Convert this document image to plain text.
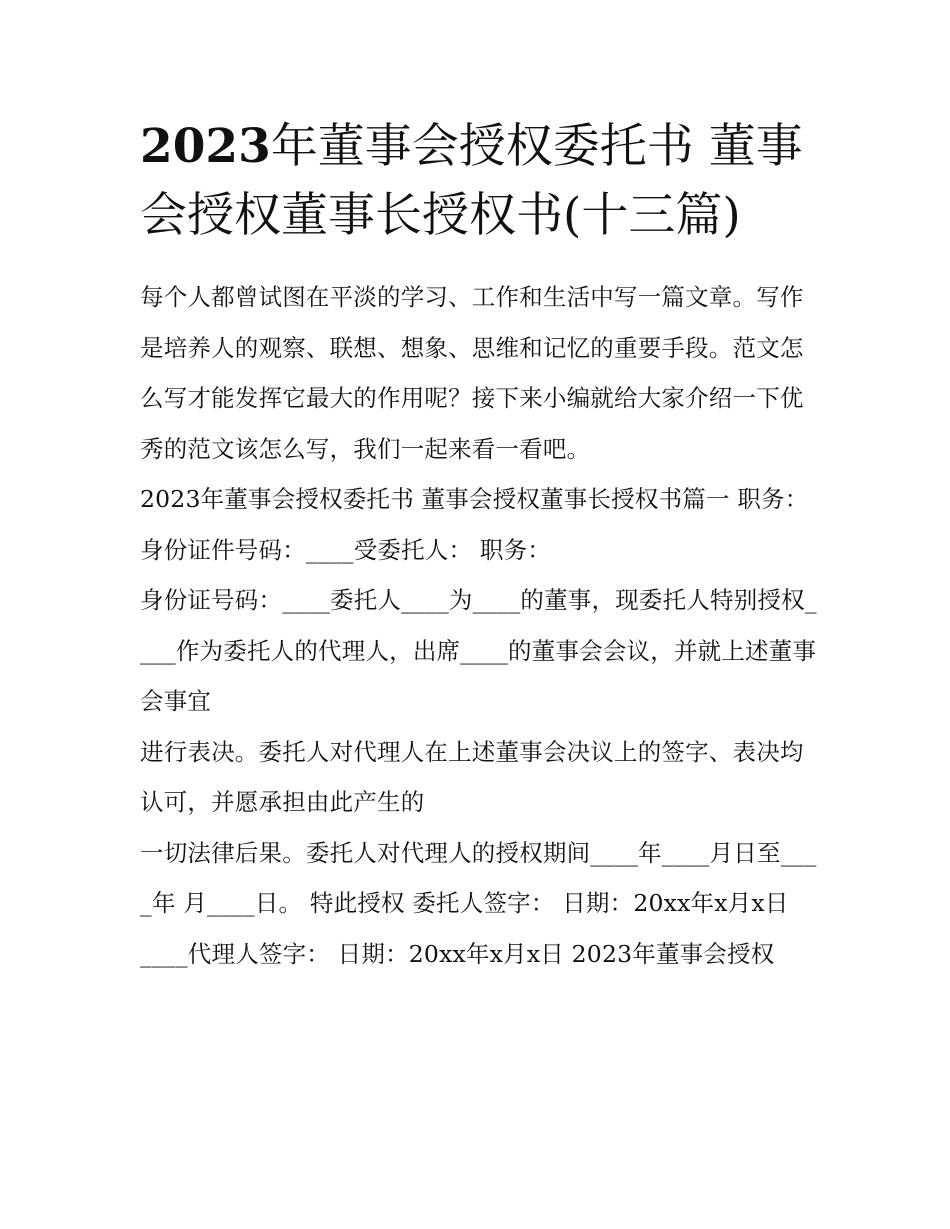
2023年董事会授权委托书 董事会授权董事长授权书(十三篇)

每个人都曾试图在平淡的学习、工作和生活中写一篇文章。写作是培养人的观察、联想、想象、思维和记忆的重要手段。范文怎么写才能发挥它最大的作用呢？接下来小编就给大家介绍一下优秀的范文该怎么写，我们一起来看一看吧。

2023年董事会授权委托书 董事会授权董事长授权书篇一 职务： 身份证件号码：____受委托人： 职务：

身份证号码：____委托人____为____的董事，现委托人特别授权____作为委托人的代理人，出席____的董事会会议，并就上述董事会事宜

进行表决。委托人对代理人在上述董事会决议上的签字、表决均认可，并愿承担由此产生的

一切法律后果。委托人对代理人的授权期间____年____月日至____年 月____日。 特此授权 委托人签字： 日期：20xx年x月x日

____代理人签字： 日期：20xx年x月x日 2023年董事会授权
